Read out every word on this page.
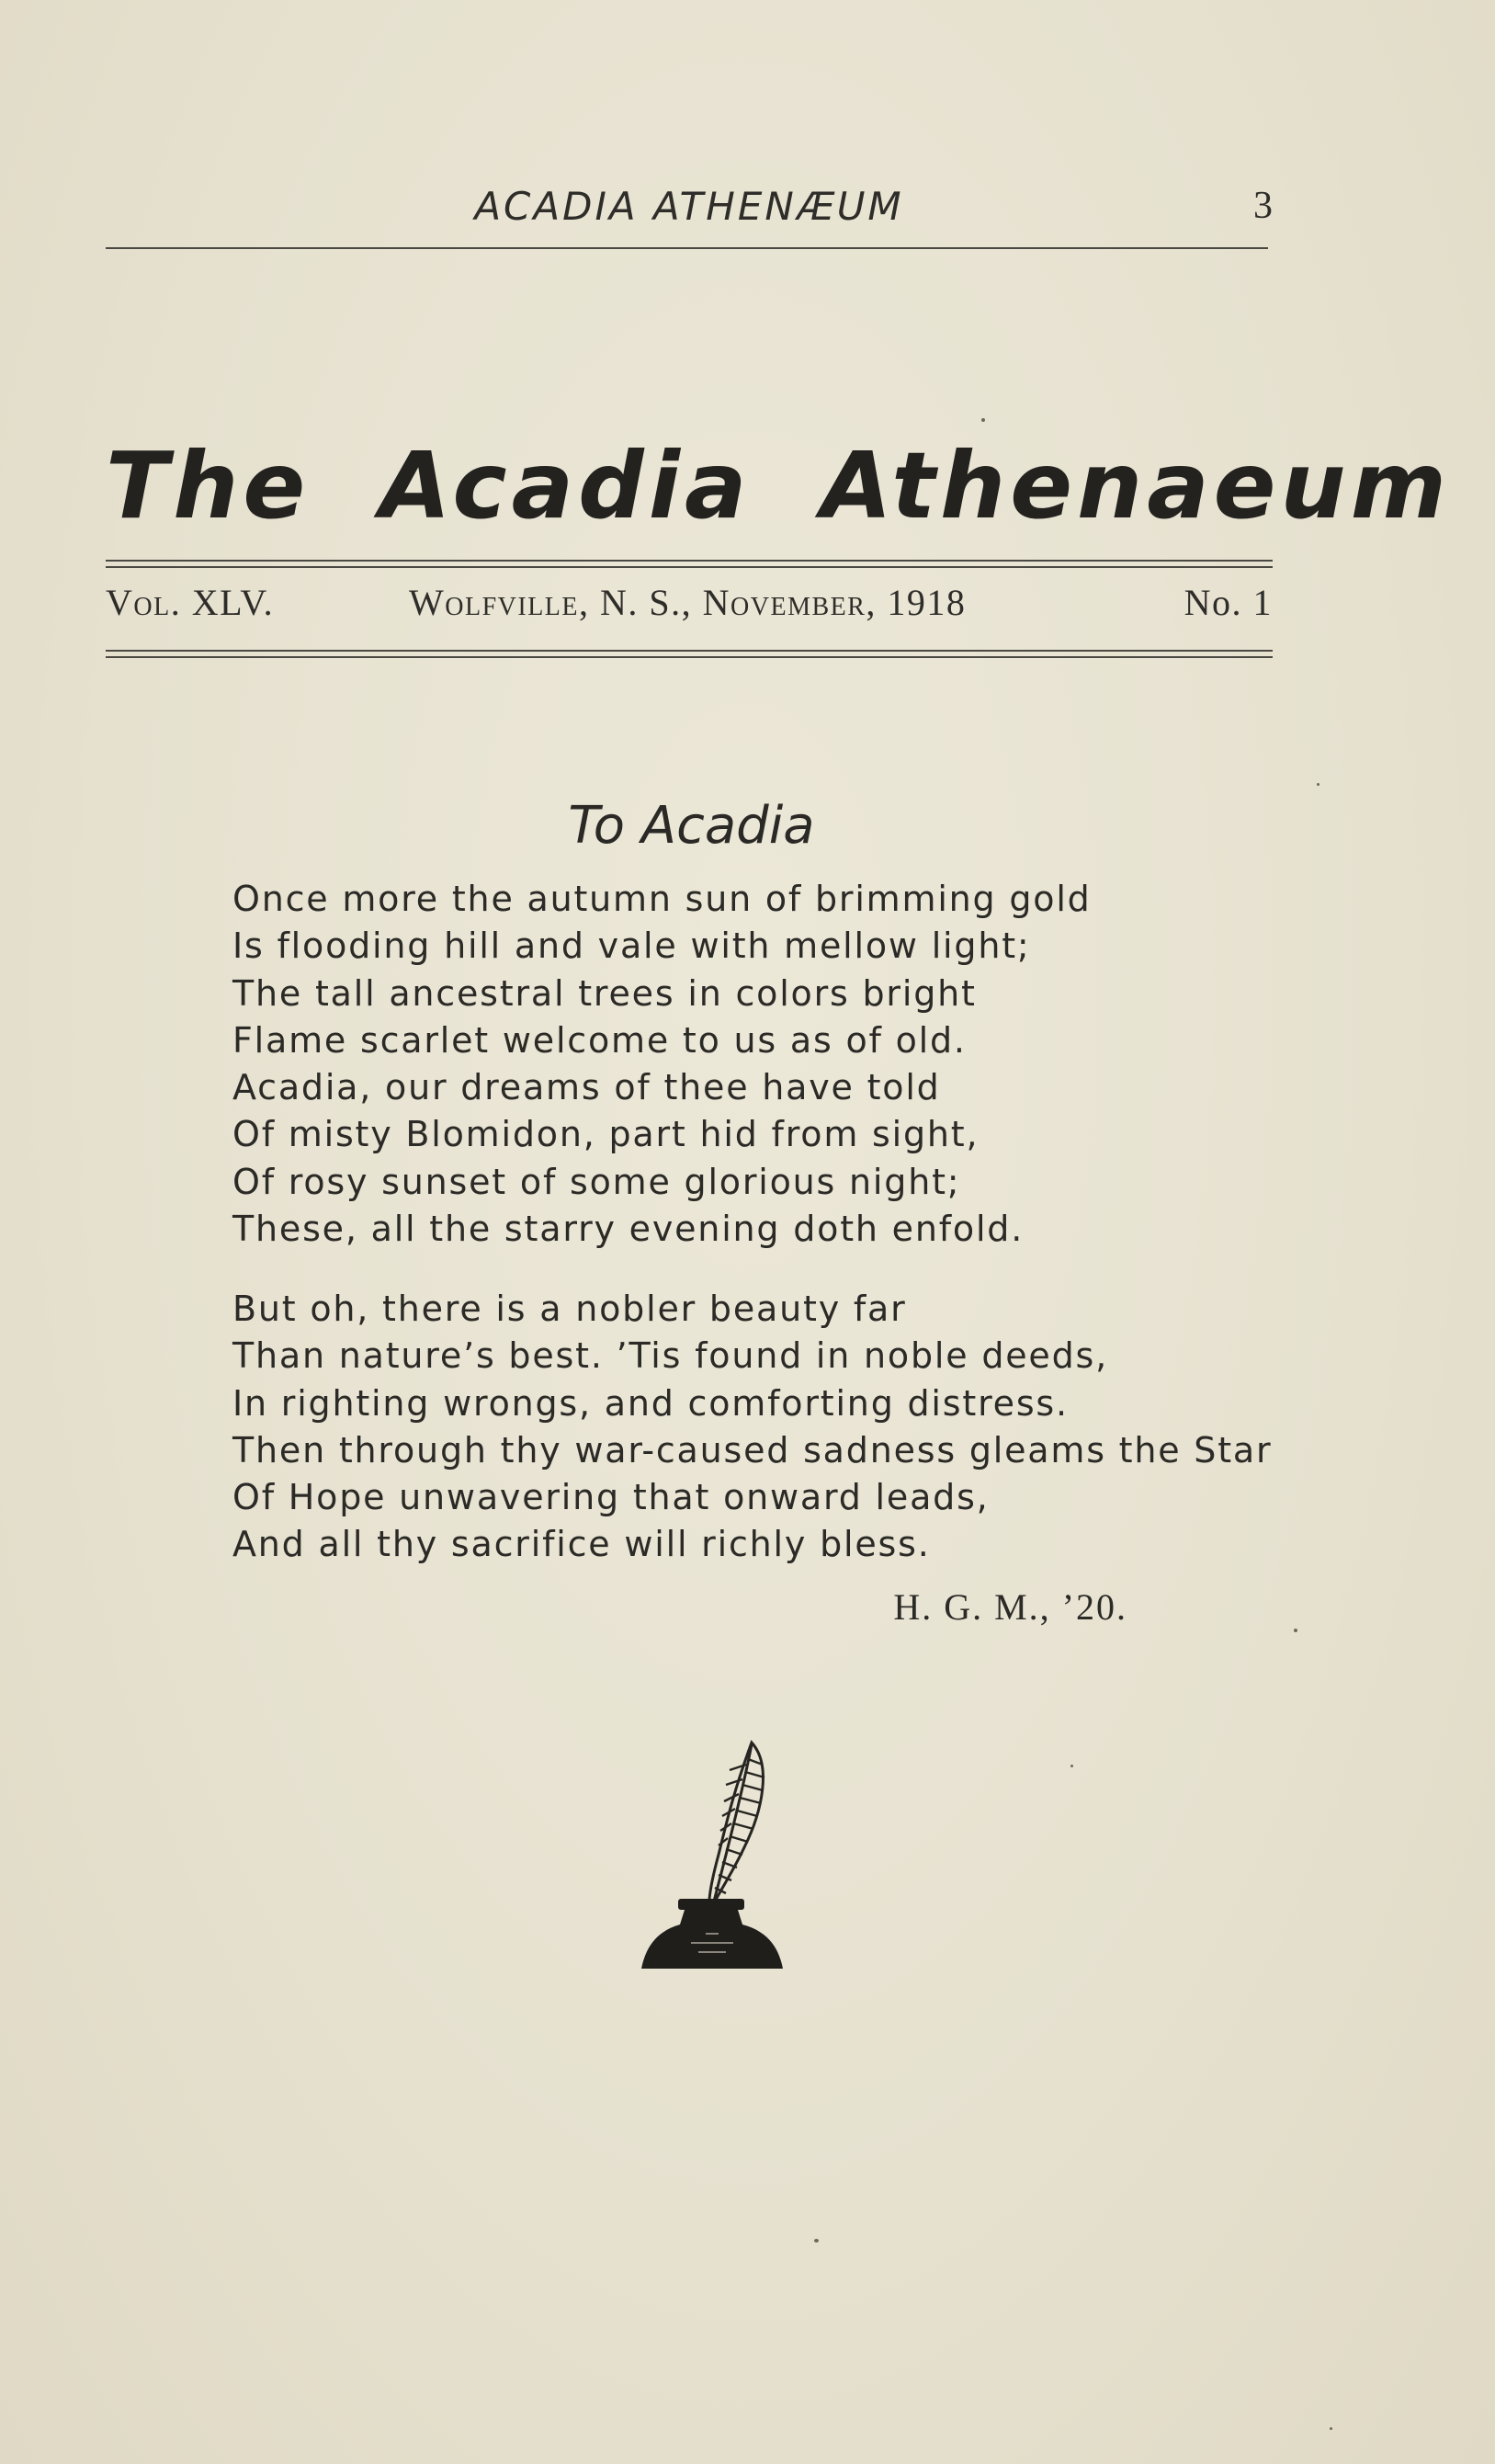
ACADIA ATHENÆUM	3
The Acadia Athenaeum
Vol. XLV.	Wolfville, N. S., November, 1918	No. 1
To Acadia
Once more the autumn sun of brimming gold
Is flooding hill and vale with mellow light;
The tall ancestral trees in colors bright
Flame scarlet welcome to us as of old.
Acadia, our dreams of thee have told
Of misty Blomidon, part hid from sight,
Of rosy sunset of some glorious night;
These, all the starry evening doth enfold.
But oh, there is a nobler beauty far
Than nature’s best. ’Tis found in noble deeds,
In righting wrongs, and comforting distress.
Then through thy war-caused sadness gleams the Star
Of Hope unwavering that onward leads,
And all thy sacrifice will richly bless.
H. G. M., ’20.
